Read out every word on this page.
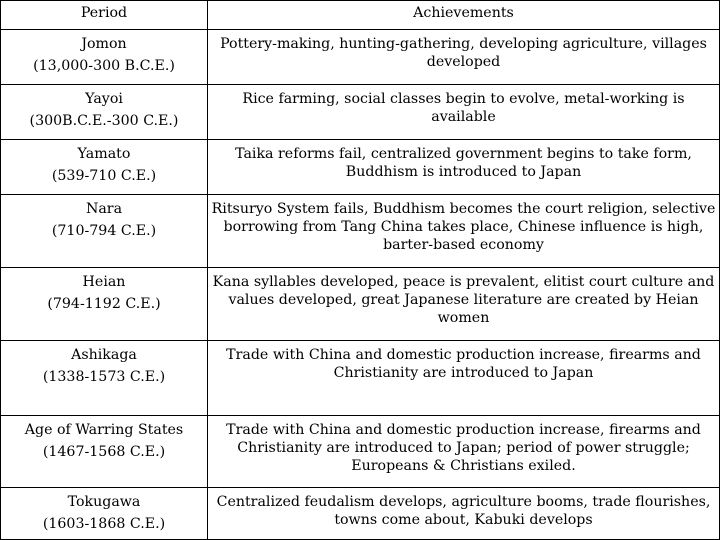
Period	Achievements

Jomon
(13,000-300 B.C.E.)	Pottery-making, hunting-gathering, developing agriculture, villages developed

Yayoi
(300B.C.E.-300 C.E.)	Rice farming, social classes begin to evolve, metal-working is available

Yamato
(539-710 C.E.)	Taika reforms fail, centralized government begins to take form, Buddhism is introduced to Japan

Nara
(710-794 C.E.)	Ritsuryo System fails, Buddhism becomes the court religion, selective borrowing from Tang China takes place, Chinese influence is high, barter-based economy

Heian
(794-1192 C.E.)	Kana syllables developed, peace is prevalent, elitist court culture and values developed, great Japanese literature are created by Heian women

Ashikaga
(1338-1573 C.E.)	Trade with China and domestic production increase, firearms and Christianity are introduced to Japan

Age of Warring States
(1467-1568 C.E.)	Trade with China and domestic production increase, firearms and Christianity are introduced to Japan; period of power struggle; Europeans & Christians exiled.

Tokugawa
(1603-1868 C.E.)	Centralized feudalism develops, agriculture booms, trade flourishes, towns come about, Kabuki develops
